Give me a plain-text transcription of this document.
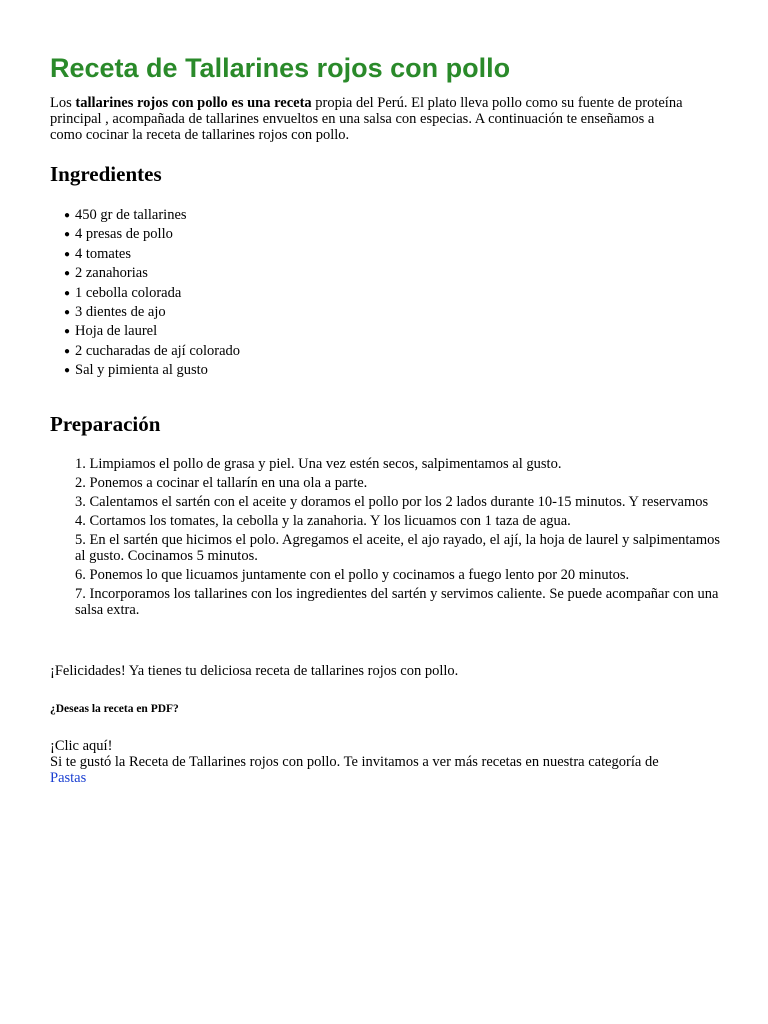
Receta de Tallarines rojos con pollo

Los tallarines rojos con pollo es una receta propia del Perú. El plato lleva pollo como su fuente de proteína principal , acompañada de tallarines envueltos en una salsa con especias. A continuación te enseñamos a como cocinar la receta de tallarines rojos con pollo.

Ingredientes
● 450 gr de tallarines
● 4 presas de pollo
● 4 tomates
● 2 zanahorias
● 1 cebolla colorada
● 3 dientes de ajo
● Hoja de laurel
● 2 cucharadas de ají colorado
● Sal y pimienta al gusto
Preparación
1. Limpiamos el pollo de grasa y piel. Una vez estén secos, salpimentamos al gusto.
2. Ponemos a cocinar el tallarín en una ola a parte.
3. Calentamos el sartén con el aceite y doramos el pollo por los 2 lados durante 10-15 minutos. Y reservamos
4. Cortamos los tomates, la cebolla y la zanahoria. Y los licuamos con 1 taza de agua.
5. En el sartén que hicimos el polo. Agregamos el aceite, el ajo rayado, el ají, la hoja de laurel y salpimentamos al gusto. Cocinamos 5 minutos.
6. Ponemos lo que licuamos juntamente con el pollo y cocinamos a fuego lento por 20 minutos.
7. Incorporamos los tallarines con los ingredientes del sartén y servimos caliente. Se puede acompañar con una salsa extra.

¡Felicidades! Ya tienes tu deliciosa receta de tallarines rojos con pollo.

¿Deseas la receta en PDF?

¡Clic aquí!
Si te gustó la Receta de Tallarines rojos con pollo. Te invitamos a ver más recetas en nuestra categoría de
Pastas
